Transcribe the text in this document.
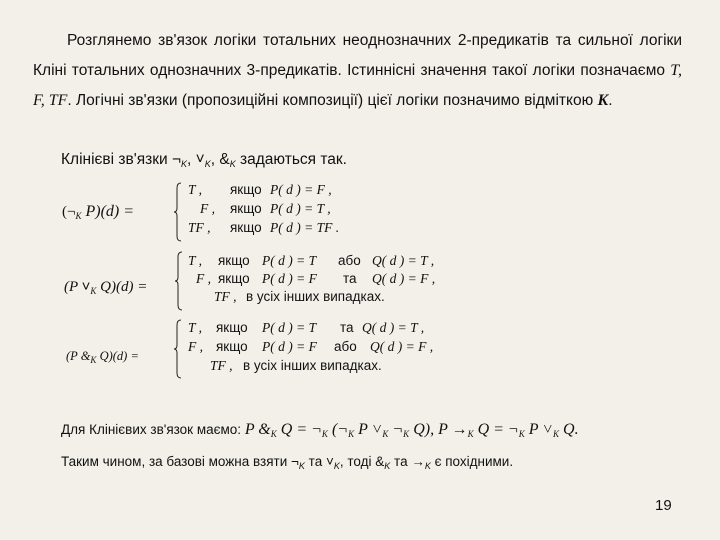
Розглянемо зв'язок логіки тотальних неоднозначних 2-предикатів та сильної логіки Кліні тотальних однозначних 3-предикатів. Істиннісні значення такої логіки позначаємо T, F, TF. Логічні зв'язки (пропозиційні композиції) цієї логіки позначимо відміткою K.
Клінієві зв'язки $\neg_K$, $˅_K$, $\&_K$ задаються так.
($\neg_K$ P)(d) =
T , якщо P( d ) = F ,
F , якщо P( d ) = T ,
TF , якщо P( d ) = TF .
(P $˅_K$ Q)(d) =
T , якщо P( d ) = T або Q( d ) = T ,
F , якщо P( d ) = F та Q( d ) = F ,
TF , в усіх інших випадках.
(P $\&_K$ Q)(d) =
T , якщо P( d ) = T та Q( d ) = T ,
F , якщо P( d ) = F або Q( d ) = F ,
TF , в усіх інших випадках.
Для Клінієвих зв'язок маємо: P $\&_K$ $Q = \neg_K$ ($\neg_K$ P $˅_K$ $\neg_K$ Q), $P \to_K$ $Q = \neg_K$ P $˅_K$ Q.
Таким чином, за базові можна взяти $\neg_K$ та $˅_K$, тоді $\&_K$ та $\to_K$ є похідними.
19
